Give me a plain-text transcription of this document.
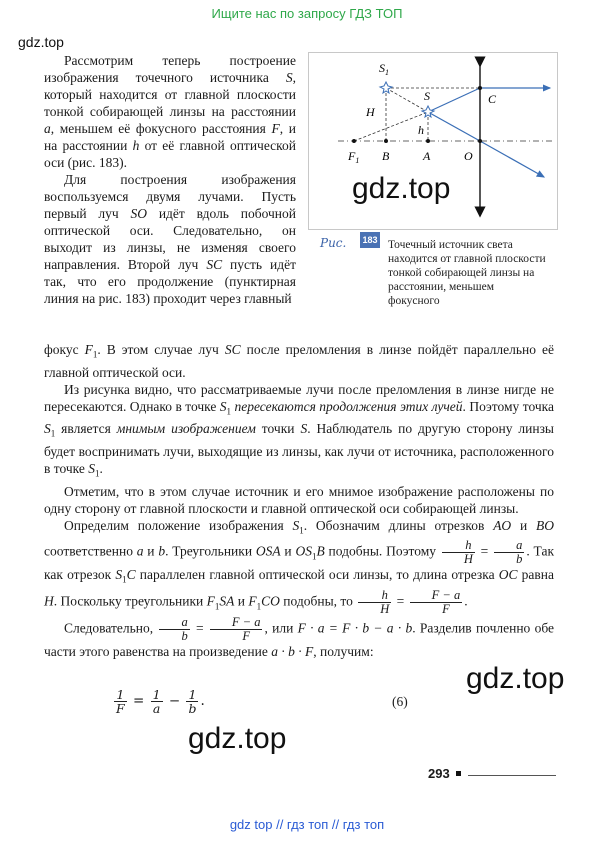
Ищите нас по запросу ГДЗ ТОП
gdz.top
$S_1$
S	C
H
h
$F_1$ B	A	O
gdz.top
Рис. 183 Точечный источник света находится от главной плоскости тонкой собирающей линзы на расстоянии, меньшем фокусного

Рассмотрим теперь построение изображения точечного источника S, который находится от главной плоскости тонкой собирающей линзы на расстоянии a, меньшем её фокусного расстояния F, и на расстоянии h от её главной оптической оси (рис. 183).

Для построения изображения воспользуемся двумя лучами. Пусть первый луч SO идёт вдоль побочной оптической оси. Следовательно, он выходит из линзы, не изменяя своего направления. Второй луч SC пусть идёт так, что его продолжение (пунктирная линия на рис. 183) проходит через главный

фокус $F_1$. В этом случае луч SC после преломления в линзе пойдёт параллельно её главной оптической оси.

Из рисунка видно, что рассматриваемые лучи после преломления в линзе нигде не пересекаются. Однако в точке $S_1$ пересекаются продолжения этих лучей. Поэтому точка $S_1$ является мнимым изображением точки S. Наблюдатель по другую сторону линзы будет воспринимать лучи, выходящие из линзы, как лучи от источника, расположенного в точке $S_1$.

Отметим, что в этом случае источник и его мнимое изображение расположены по одну сторону от главной плоскости и главной оптической оси собирающей линзы.

Определим положение изображения $S_1$. Обозначим длины отрезков AO и BO соответственно a и b. Треугольники OSA и $OS_1B$ подобны. Поэтому $\frac{h}{H} = \frac{a}{b}$ . Так как отрезок $S_1C$ параллелен главной оптической оси линзы, то длина отрезка OC равна H. Поскольку треугольники $F_1SA$ и $F_1CO$ подобны, то $\frac{h}{H} = \frac{F - a}{F}$ .

Следовательно, $\frac{a}{b} = \frac{F - a}{F}$ , или F · a = F · b − a · b. Разделив почленно обе части этого равенства на произведение a · b · F, получим:

$\frac{1}{F} = \frac{1}{a} - \frac{1}{b}$ .	(6)
gdz.top
gdz.top
293
gdz top // гдз топ // гдз топ
